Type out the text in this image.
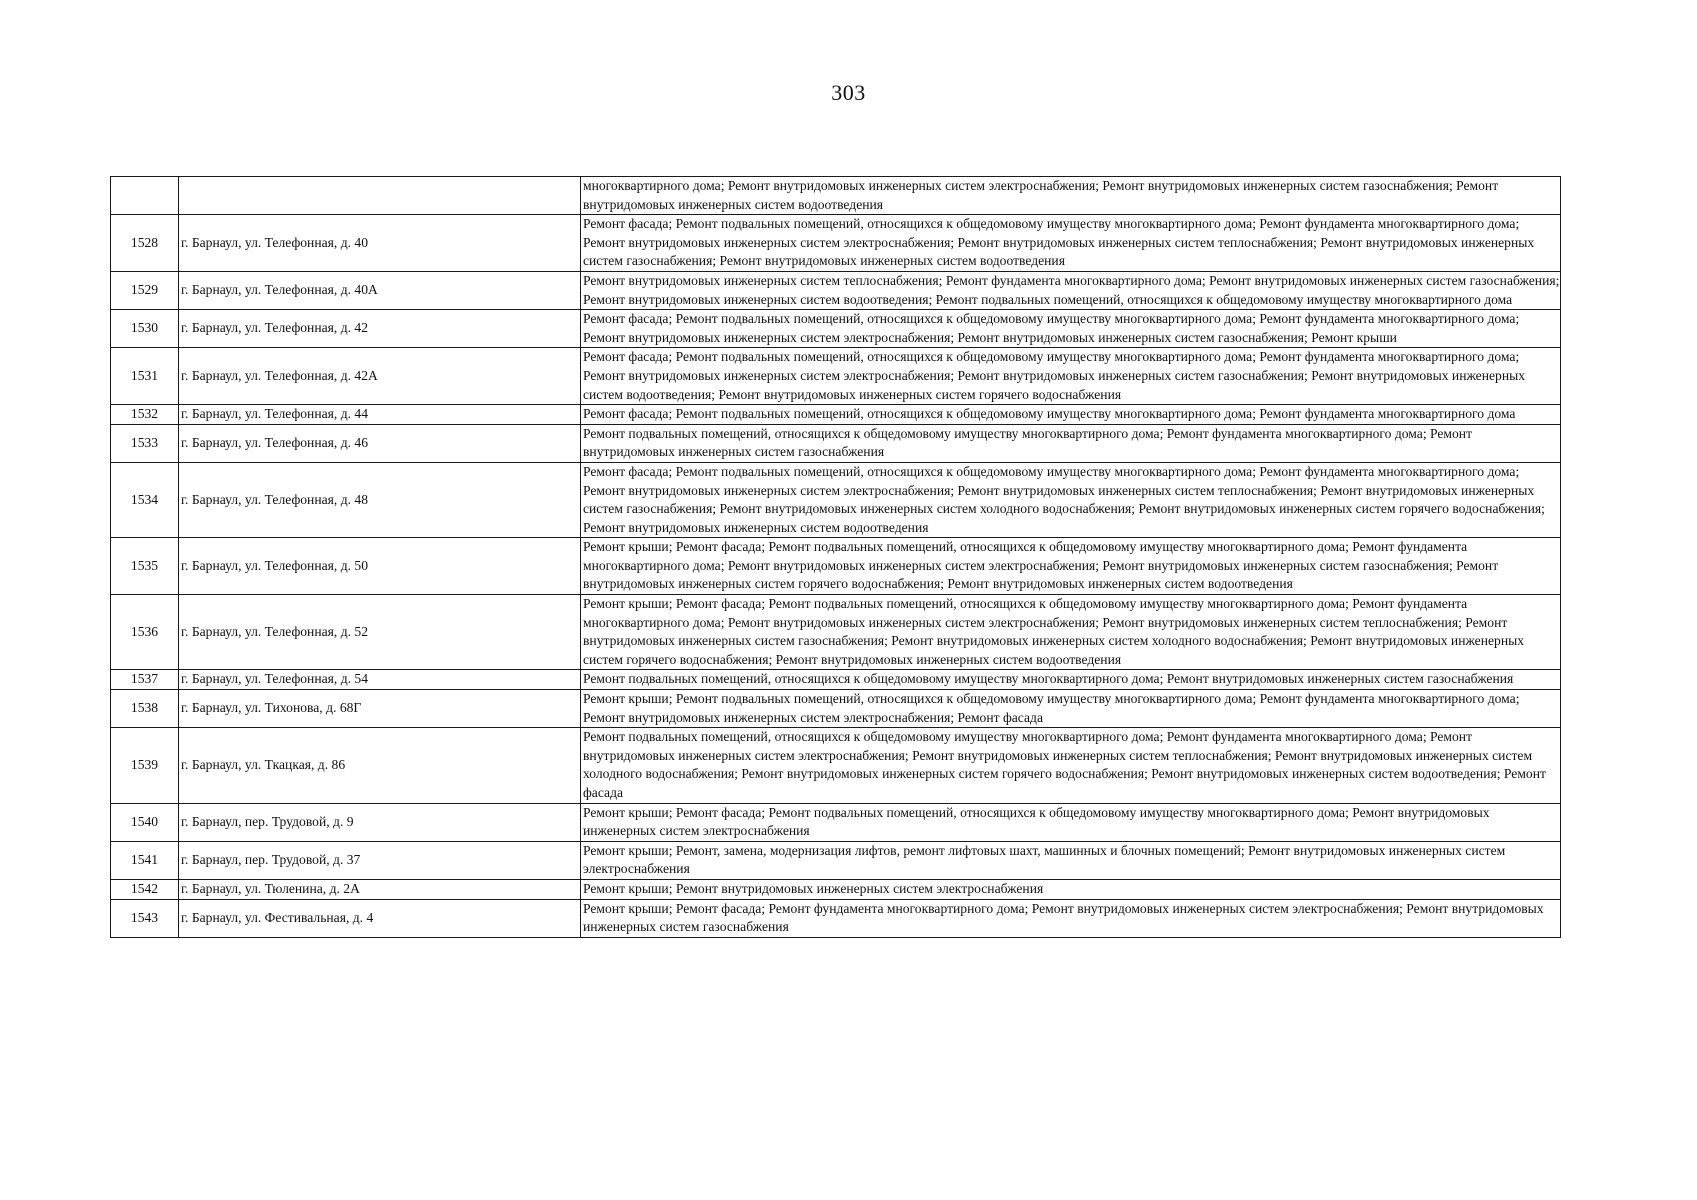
303
		многоквартирного дома; Ремонт внутридомовых инженерных систем электроснабжения; Ремонт внутридомовых инженерных систем газоснабжения; Ремонт внутридомовых инженерных систем водоотведения
1528	г. Барнаул, ул. Телефонная, д. 40	Ремонт фасада; Ремонт подвальных помещений, относящихся к общедомовому имуществу многоквартирного дома; Ремонт фундамента многоквартирного дома; Ремонт внутридомовых инженерных систем электроснабжения; Ремонт внутридомовых инженерных систем теплоснабжения; Ремонт внутридомовых инженерных систем газоснабжения; Ремонт внутридомовых инженерных систем водоотведения
1529	г. Барнаул, ул. Телефонная, д. 40А	Ремонт внутридомовых инженерных систем теплоснабжения; Ремонт фундамента многоквартирного дома; Ремонт внутридомовых инженерных систем газоснабжения; Ремонт внутридомовых инженерных систем водоотведения; Ремонт подвальных помещений, относящихся к общедомовому имуществу многоквартирного дома
1530	г. Барнаул, ул. Телефонная, д. 42	Ремонт фасада; Ремонт подвальных помещений, относящихся к общедомовому имуществу многоквартирного дома; Ремонт фундамента многоквартирного дома; Ремонт внутридомовых инженерных систем электроснабжения; Ремонт внутридомовых инженерных систем газоснабжения; Ремонт крыши
1531	г. Барнаул, ул. Телефонная, д. 42А	Ремонт фасада; Ремонт подвальных помещений, относящихся к общедомовому имуществу многоквартирного дома; Ремонт фундамента многоквартирного дома; Ремонт внутридомовых инженерных систем электроснабжения; Ремонт внутридомовых инженерных систем газоснабжения; Ремонт внутридомовых инженерных систем водоотведения; Ремонт внутридомовых инженерных систем горячего водоснабжения
1532	г. Барнаул, ул. Телефонная, д. 44	Ремонт фасада; Ремонт подвальных помещений, относящихся к общедомовому имуществу многоквартирного дома; Ремонт фундамента многоквартирного дома
1533	г. Барнаул, ул. Телефонная, д. 46	Ремонт подвальных помещений, относящихся к общедомовому имуществу многоквартирного дома; Ремонт фундамента многоквартирного дома; Ремонт внутридомовых инженерных систем газоснабжения
1534	г. Барнаул, ул. Телефонная, д. 48	Ремонт фасада; Ремонт подвальных помещений, относящихся к общедомовому имуществу многоквартирного дома; Ремонт фундамента многоквартирного дома; Ремонт внутридомовых инженерных систем электроснабжения; Ремонт внутридомовых инженерных систем теплоснабжения; Ремонт внутридомовых инженерных систем газоснабжения; Ремонт внутридомовых инженерных систем холодного водоснабжения; Ремонт внутридомовых инженерных систем горячего водоснабжения; Ремонт внутридомовых инженерных систем водоотведения
1535	г. Барнаул, ул. Телефонная, д. 50	Ремонт крыши; Ремонт фасада; Ремонт подвальных помещений, относящихся к общедомовому имуществу многоквартирного дома; Ремонт фундамента многоквартирного дома; Ремонт внутридомовых инженерных систем электроснабжения; Ремонт внутридомовых инженерных систем газоснабжения; Ремонт внутридомовых инженерных систем горячего водоснабжения; Ремонт внутридомовых инженерных систем водоотведения
1536	г. Барнаул, ул. Телефонная, д. 52	Ремонт крыши; Ремонт фасада; Ремонт подвальных помещений, относящихся к общедомовому имуществу многоквартирного дома; Ремонт фундамента многоквартирного дома; Ремонт внутридомовых инженерных систем электроснабжения; Ремонт внутридомовых инженерных систем теплоснабжения; Ремонт внутридомовых инженерных систем газоснабжения; Ремонт внутридомовых инженерных систем холодного водоснабжения; Ремонт внутридомовых инженерных систем горячего водоснабжения; Ремонт внутридомовых инженерных систем водоотведения
1537	г. Барнаул, ул. Телефонная, д. 54	Ремонт подвальных помещений, относящихся к общедомовому имуществу многоквартирного дома; Ремонт внутридомовых инженерных систем газоснабжения
1538	г. Барнаул, ул. Тихонова, д. 68Г	Ремонт крыши; Ремонт подвальных помещений, относящихся к общедомовому имуществу многоквартирного дома; Ремонт фундамента многоквартирного дома; Ремонт внутридомовых инженерных систем электроснабжения; Ремонт фасада
1539	г. Барнаул, ул. Ткацкая, д. 86	Ремонт подвальных помещений, относящихся к общедомовому имуществу многоквартирного дома; Ремонт фундамента многоквартирного дома; Ремонт внутридомовых инженерных систем электроснабжения; Ремонт внутридомовых инженерных систем теплоснабжения; Ремонт внутридомовых инженерных систем холодного водоснабжения; Ремонт внутридомовых инженерных систем горячего водоснабжения; Ремонт внутридомовых инженерных систем водоотведения; Ремонт фасада
1540	г. Барнаул, пер. Трудовой, д. 9	Ремонт крыши; Ремонт фасада; Ремонт подвальных помещений, относящихся к общедомовому имуществу многоквартирного дома; Ремонт внутридомовых инженерных систем электроснабжения
1541	г. Барнаул, пер. Трудовой, д. 37	Ремонт крыши; Ремонт, замена, модернизация лифтов, ремонт лифтовых шахт, машинных и блочных помещений; Ремонт внутридомовых инженерных систем электроснабжения
1542	г. Барнаул, ул. Тюленина, д. 2А	Ремонт крыши; Ремонт внутридомовых инженерных систем электроснабжения
1543	г. Барнаул, ул. Фестивальная, д. 4	Ремонт крыши; Ремонт фасада; Ремонт фундамента многоквартирного дома; Ремонт внутридомовых инженерных систем электроснабжения; Ремонт внутридомовых инженерных систем газоснабжения
